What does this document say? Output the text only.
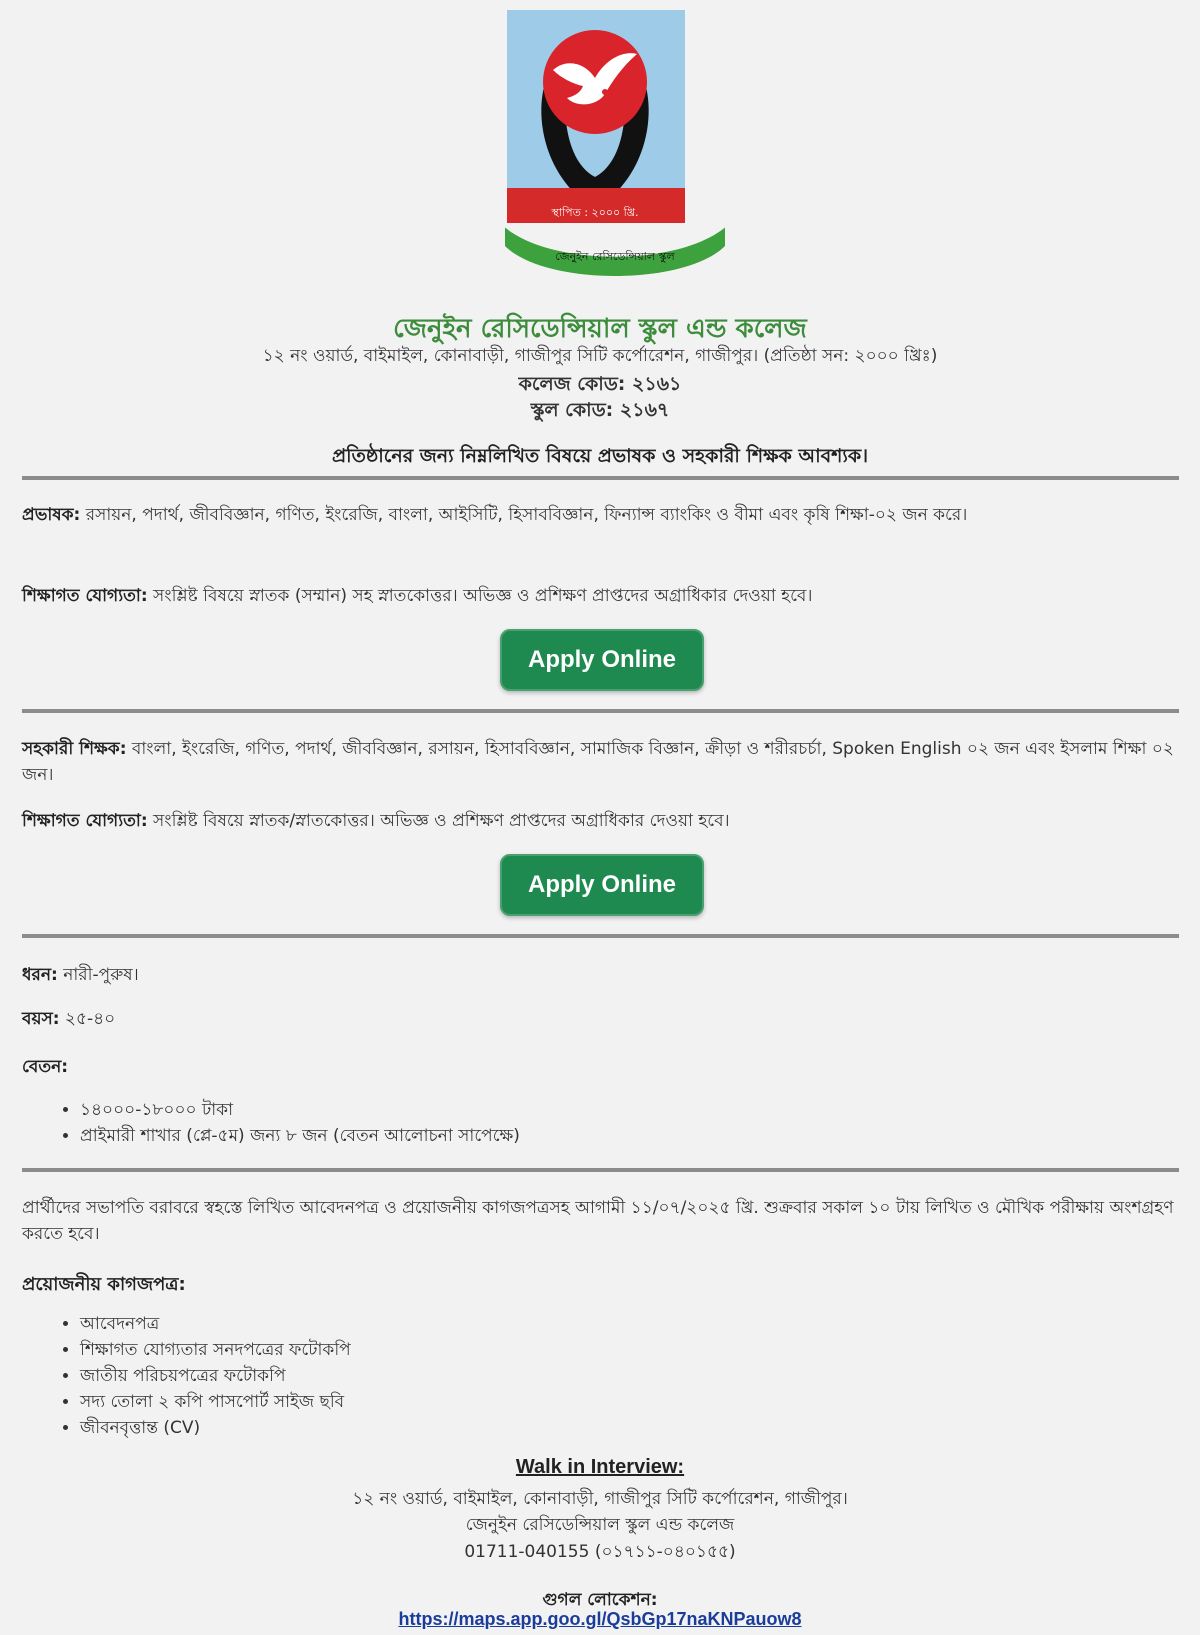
স্থাপিত : ২০০০ খ্রি.
জেনুইন রেসিডেন্সিয়াল স্কুল
জেনুইন রেসিডেন্সিয়াল স্কুল এন্ড কলেজ
১২ নং ওয়ার্ড, বাইমাইল, কোনাবাড়ী, গাজীপুর সিটি কর্পোরেশন, গাজীপুর। (প্রতিষ্ঠা সন: ২০০০ খ্রিঃ)
কলেজ কোড: ২১৬১
স্কুল কোড: ২১৬৭
প্রতিষ্ঠানের জন্য নিম্নলিখিত বিষয়ে প্রভাষক ও সহকারী শিক্ষক আবশ্যক।
প্রভাষক: রসায়ন, পদার্থ, জীববিজ্ঞান, গণিত, ইংরেজি, বাংলা, আইসিটি, হিসাববিজ্ঞান, ফিন্যান্স ব্যাংকিং ও বীমা এবং কৃষি শিক্ষা-০২ জন করে।
শিক্ষাগত যোগ্যতা: সংশ্লিষ্ট বিষয়ে স্নাতক (সম্মান) সহ স্নাতকোত্তর। অভিজ্ঞ ও প্রশিক্ষণ প্রাপ্তদের অগ্রাধিকার দেওয়া হবে।
Apply Online
সহকারী শিক্ষক: বাংলা, ইংরেজি, গণিত, পদার্থ, জীববিজ্ঞান, রসায়ন, হিসাববিজ্ঞান, সামাজিক বিজ্ঞান, ক্রীড়া ও শরীরচর্চা, Spoken English ০২ জন এবং ইসলাম শিক্ষা ০২ জন।
শিক্ষাগত যোগ্যতা: সংশ্লিষ্ট বিষয়ে স্নাতক/স্নাতকোত্তর। অভিজ্ঞ ও প্রশিক্ষণ প্রাপ্তদের অগ্রাধিকার দেওয়া হবে।
Apply Online
ধরন: নারী-পুরুষ।
বয়স: ২৫-৪০
বেতন:
• ১৪০০০-১৮০০০ টাকা
• প্রাইমারী শাখার (প্লে-৫ম) জন্য ৮ জন (বেতন আলোচনা সাপেক্ষে)
প্রার্থীদের সভাপতি বরাবরে স্বহস্তে লিখিত আবেদনপত্র ও প্রয়োজনীয় কাগজপত্রসহ আগামী ১১/০৭/২০২৫ খ্রি. শুক্রবার সকাল ১০ টায় লিখিত ও মৌখিক পরীক্ষায় অংশগ্রহণ করতে হবে।
প্রয়োজনীয় কাগজপত্র:
• আবেদনপত্র
• শিক্ষাগত যোগ্যতার সনদপত্রের ফটোকপি
• জাতীয় পরিচয়পত্রের ফটোকপি
• সদ্য তোলা ২ কপি পাসপোর্ট সাইজ ছবি
• জীবনবৃত্তান্ত (CV)
Walk in Interview:
১২ নং ওয়ার্ড, বাইমাইল, কোনাবাড়ী, গাজীপুর সিটি কর্পোরেশন, গাজীপুর।
জেনুইন রেসিডেন্সিয়াল স্কুল এন্ড কলেজ
01711-040155 (০১৭১১-০৪০১৫৫)
গুগল লোকেশন:
https://maps.app.goo.gl/QsbGp17naKNPauow8
